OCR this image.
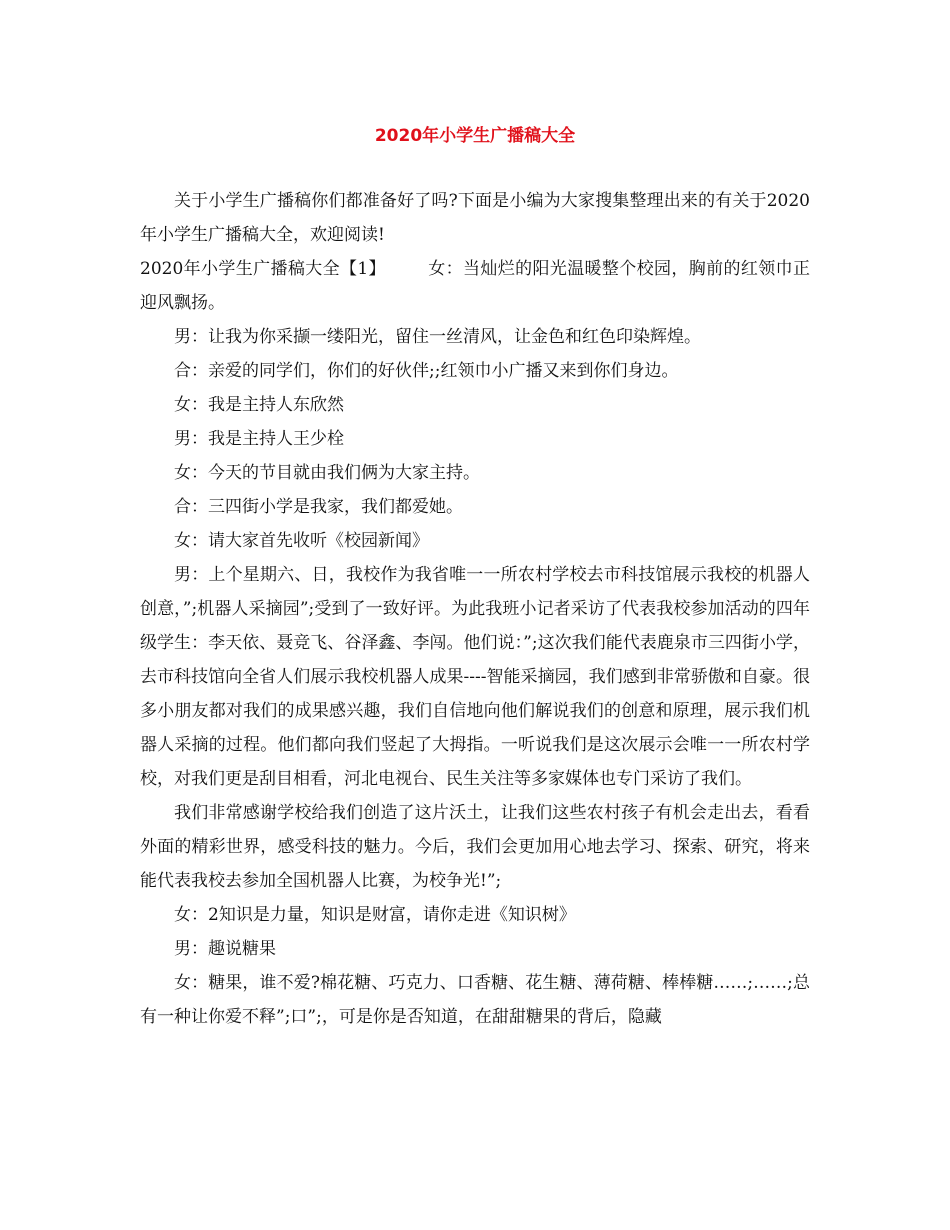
2020年小学生广播稿大全

关于小学生广播稿你们都准备好了吗?下面是小编为大家搜集整理出来的有关于2020年小学生广播稿大全，欢迎阅读!

2020年小学生广播稿大全【1】 女：当灿烂的阳光温暖整个校园，胸前的红领巾正迎风飘扬。

男：让我为你采撷一缕阳光，留住一丝清风，让金色和红色印染辉煌。

合：亲爱的同学们，你们的好伙伴;;红领巾小广播又来到你们身边。

女：我是主持人东欣然

男：我是主持人王少栓

女：今天的节目就由我们俩为大家主持。

合：三四街小学是我家，我们都爱她。

女：请大家首先收听《校园新闻》

男：上个星期六、日，我校作为我省唯一一所农村学校去市科技馆展示我校的机器人创意，”;机器人采摘园”;受到了一致好评。为此我班小记者采访了代表我校参加活动的四年级学生：李天依、聂竞飞、谷泽鑫、李闯。他们说：”;这次我们能代表鹿泉市三四街小学，去市科技馆向全省人们展示我校机器人成果----智能采摘园，我们感到非常骄傲和自豪。很多小朋友都对我们的成果感兴趣，我们自信地向他们解说我们的创意和原理，展示我们机器人采摘的过程。他们都向我们竖起了大拇指。一听说我们是这次展示会唯一一所农村学校，对我们更是刮目相看，河北电视台、民生关注等多家媒体也专门采访了我们。

我们非常感谢学校给我们创造了这片沃土，让我们这些农村孩子有机会走出去，看看外面的精彩世界，感受科技的魅力。今后，我们会更加用心地去学习、探索、研究，将来能代表我校去参加全国机器人比赛，为校争光!”;

女：2知识是力量，知识是财富，请你走进《知识树》

男：趣说糖果

女：糖果，谁不爱?棉花糖、巧克力、口香糖、花生糖、薄荷糖、棒棒糖……;……;总有一种让你爱不释”;口”;，可是你是否知道，在甜甜糖果的背后，隐藏
